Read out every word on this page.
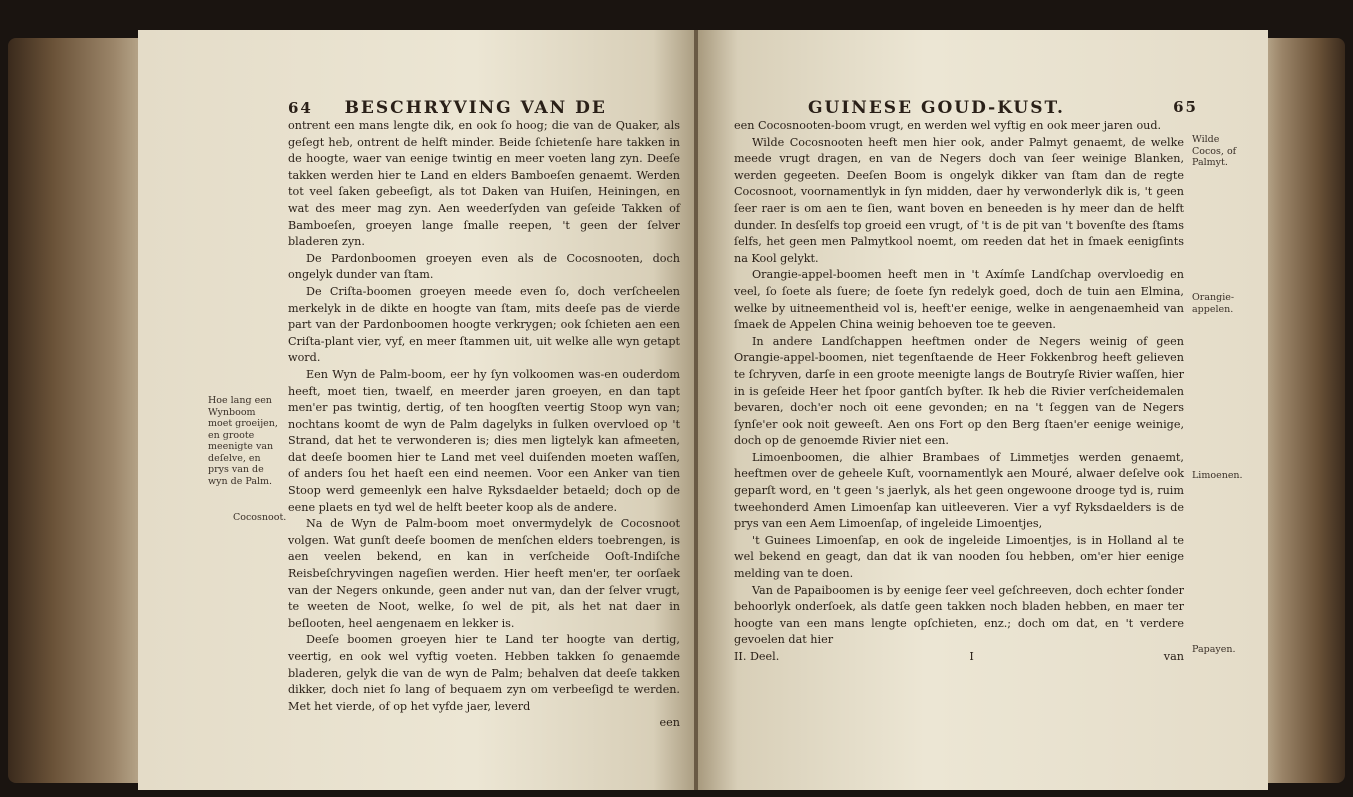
64 BESCHRYVING VAN DE

ontrent een mans lengte dik, en ook ſo hoog; die van de Quaker, als geſegt heb, ontrent de helft minder. Beide ſchietenſe hare takken in de hoogte, waer van eenige twintig en meer voeten lang zyn. Deeſe takken werden hier te Land en elders Bamboeſen genaemt. Werden tot veel ſaken gebeeſigt, als tot Daken van Huiſen, Heiningen, en wat des meer mag zyn. Aen weederſyden van geſeide Takken of Bamboeſen, groeyen lange ſmalle reepen, 't geen der ſelver bladeren zyn.

De Pardonboomen groeyen even als de Cocosnooten, doch ongelyk dunder van ſtam.

De Criſta-boomen groeyen meede even ſo, doch verſcheelen merkelyk in de dikte en hoogte van ſtam, mits deeſe pas de vierde part van der Pardonboomen hoogte verkrygen; ook ſchieten aen een Criſta-plant vier, vyf, en meer ſtammen uit, uit welke alle wyn getapt word.

Een Wyn de Palm-boom, eer hy ſyn volkoomen was-en ouderdom heeft, moet tien, twaelf, en meerder jaren groeyen, en dan tapt men'er pas twintig, dertig, of ten hoogſten veertig Stoop wyn van; nochtans koomt de wyn de Palm dagelyks in ſulken overvloed op 't Strand, dat het te verwonderen is; dies men ligtelyk kan afmeeten, dat deeſe boomen hier te Land met veel duiſenden moeten waſſen, of anders ſou het haeſt een eind neemen. Voor een Anker van tien Stoop werd gemeenlyk een halve Ryksdaelder betaeld; doch op de eene plaets en tyd wel de helft beeter koop als de andere.

Na de Wyn de Palm-boom moet onvermydelyk de Cocosnoot volgen. Wat gunſt deeſe boomen de menſchen elders toebrengen, is aen veelen bekend, en kan in verſcheide Ooſt-Indiſche Reisbeſchryvingen nageſien werden. Hier heeft men'er, ter oorſaek van der Negers onkunde, geen ander nut van, dan der ſelver vrugt, te weeten de Noot, welke, ſo wel de pit, als het nat daer in beſlooten, heel aengenaem en lekker is.

Deeſe boomen groeyen hier te Land ter hoogte van dertig, veertig, en ook wel vyftig voeten. Hebben takken ſo genaemde bladeren, gelyk die van de wyn de Palm; behalven dat deeſe takken dikker, doch niet ſo lang of bequaem zyn om verbeeſigd te werden. Met het vierde, of op het vyfde jaer, leverd

een

Hoe lang een Wynboom moet groeijen, en groote meenigte van deſelve, en prys van de wyn de Palm.
Cocosnoot.
GUINESE GOUD-KUST.	65

een Cocosnooten-boom vrugt, en werden wel vyftig en ook meer jaren oud.

Wilde Cocosnooten heeft men hier ook, ander Palmyt genaemt, de welke meede vrugt dragen, en van de Negers doch van ſeer weinige Blanken, werden gegeeten. Deeſen Boom is ongelyk dikker van ſtam dan de regte Cocosnoot, voornamentlyk in ſyn midden, daer hy verwonderlyk dik is, 't geen ſeer raer is om aen te ſien, want boven en beneeden is hy meer dan de helft dunder. In desſelfs top groeid een vrugt, of 't is de pit van 't bovenſte des ſtams ſelfs, het geen men Palmytkool noemt, om reeden dat het in ſmaek eenigſints na Kool gelykt.

Orangie-appel-boomen heeft men in 't Axímſe Landſchap overvloedig en veel, ſo ſoete als ſuere; de ſoete ſyn redelyk goed, doch de tuin aen Elmina, welke by uitneementheid vol is, heeft'er eenige, welke in aengenaemheid van ſmaek de Appelen China weinig behoeven toe te geeven.

In andere Landſchappen heeftmen onder de Negers weinig of geen Orangie-appel-boomen, niet tegenſtaende de Heer Fokkenbrog heeft gelieven te ſchryven, darſe in een groote meenigte langs de Boutryſe Rivier waſſen, hier in is geſeide Heer het ſpoor gantſch byſter. Ik heb die Rivier verſcheidemalen bevaren, doch'er noch oit eene gevonden; en na 't ſeggen van de Negers ſynſe'er ook noit geweeſt. Aen ons Fort op den Berg ſtaen'er eenige weinige, doch op de genoemde Rivier niet een.

Limoenboomen, die alhier Brambaes of Limmetjes werden genaemt, heeftmen over de geheele Kuſt, voornamentlyk aen Mouré, alwaer deſelve ook geparſt word, en 't geen 's jaerlyk, als het geen ongewoone drooge tyd is, ruim tweehonderd Amen Limoenſap kan uitleeveren. Vier a vyf Ryksdaelders is de prys van een Aem Limoenſap, of ingeleide Limoentjes,

't Guinees Limoenſap, en ook de ingeleide Limoentjes, is in Holland al te wel bekend en geagt, dan dat ik van nooden ſou hebben, om'er hier eenige melding van te doen.

Van de Papaiboomen is by eenige ſeer veel geſchreeven, doch echter ſonder behoorlyk onderſoek, als datſe geen takken noch bladen hebben, en maer ter hoogte van een mans lengte opſchieten, enz.; doch om dat, en 't verdere gevoelen dat hier

II. Deel.	I	van

Wilde Cocos, of Palmyt.
Orangie-appelen.
Limoenen.
Papayen.
